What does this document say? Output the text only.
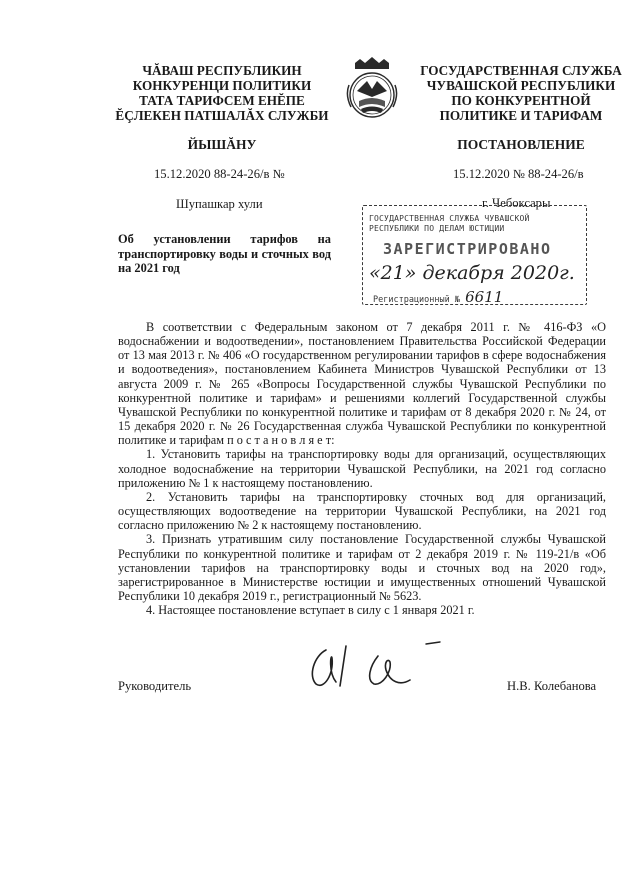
ЧĂВАШ РЕСПУБЛИКИН
КОНКУРЕНЦИ ПОЛИТИКИ
ТАТА ТАРИФСЕМ ЕНĔПЕ
ĔÇЛЕКЕН ПАТШАЛĂХ СЛУЖБИ
ГОСУДАРСТВЕННАЯ СЛУЖБА
ЧУВАШСКОЙ РЕСПУБЛИКИ
ПО КОНКУРЕНТНОЙ
ПОЛИТИКЕ И ТАРИФАМ
ЙЫШĂНУ	ПОСТАНОВЛЕНИЕ
15.12.2020 88-24-26/в №	15.12.2020 № 88-24-26/в
Шупашкар хули	г. Чебоксары
ГОСУДАРСТВЕННАЯ СЛУЖБА ЧУВАШСКОЙ РЕСПУБЛИКИ ПО ДЕЛАМ ЮСТИЦИИ
ЗАРЕГИСТРИРОВАНО
«21» декабря 2020г.
Регистрационный № 6611
Об установлении тарифов на транспортировку воды и сточных вод на 2021 год

В соответствии с Федеральным законом от 7 декабря 2011 г. № 416-ФЗ «О водоснабжении и водоотведении», постановлением Правительства Российской Федерации от 13 мая 2013 г. № 406 «О государственном регулировании тарифов в сфере водоснабжения и водоотведения», постановлением Кабинета Министров Чувашской Республики от 13 августа 2009 г. № 265 «Вопросы Государственной службы Чувашской Республики по конкурентной политике и тарифам» и решениями коллегий Государственной службы Чувашской Республики по конкурентной политике и тарифам от 8 декабря 2020 г. № 24, от 15 декабря 2020 г. № 26 Государственная служба Чувашской Республики по конкурентной политике и тарифам п о с т а н о в л я е т:

1. Установить тарифы на транспортировку воды для организаций, осуществляющих холодное водоснабжение на территории Чувашской Республики, на 2021 год согласно приложению № 1 к настоящему постановлению.

2. Установить тарифы на транспортировку сточных вод для организаций, осуществляющих водоотведение на территории Чувашской Республики, на 2021 год согласно приложению № 2 к настоящему постановлению.

3. Признать утратившим силу постановление Государственной службы Чувашской Республики по конкурентной политике и тарифам от 2 декабря 2019 г. № 119-21/в «Об установлении тарифов на транспортировку воды и сточных вод на 2020 год», зарегистрированное в Министерстве юстиции и имущественных отношений Чувашской Республики 10 декабря 2019 г., регистрационный № 5623.

4. Настоящее постановление вступает в силу с 1 января 2021 г.

Руководитель	Н.В. Колебанова
